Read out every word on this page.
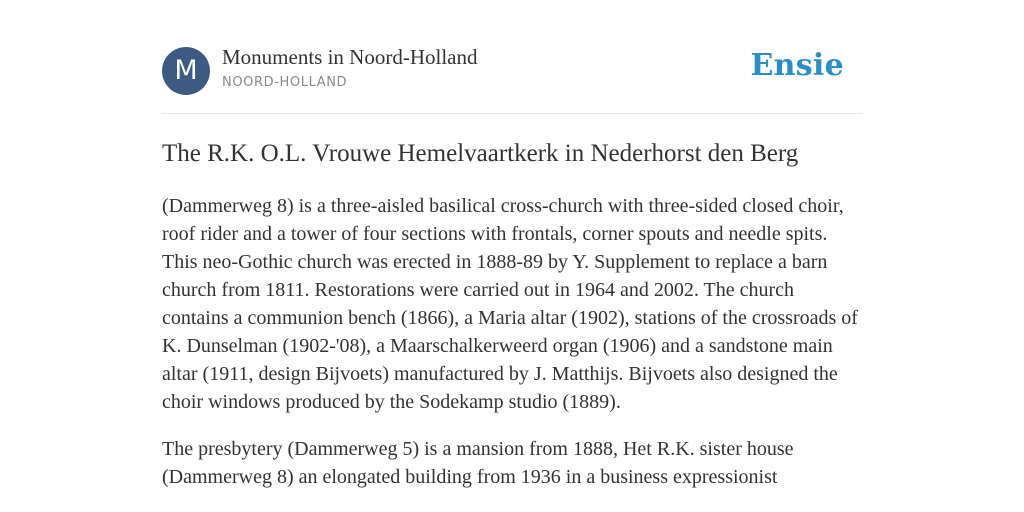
M	Monuments in Noord-Holland
NOORD-HOLLAND	Ensie
The R.K. O.L. Vrouwe Hemelvaartkerk in Nederhorst den Berg

(Dammerweg 8) is a three-aisled basilical cross-church with three-sided closed choir, roof rider and a tower of four sections with frontals, corner spouts and needle spits. This neo-Gothic church was erected in 1888-89 by Y. Supplement to replace a barn church from 1811. Restorations were carried out in 1964 and 2002. The church contains a communion bench (1866), a Maria altar (1902), stations of the crossroads of K. Dunselman (1902-'08), a Maarschalkerweerd organ (1906) and a sandstone main altar (1911, design Bijvoets) manufactured by J. Matthijs. Bijvoets also designed the choir windows produced by the Sodekamp studio (1889).

The presbytery (Dammerweg 5) is a mansion from 1888, Het R.K. sister house (Dammerweg 8) an elongated building from 1936 in a business expressionist
